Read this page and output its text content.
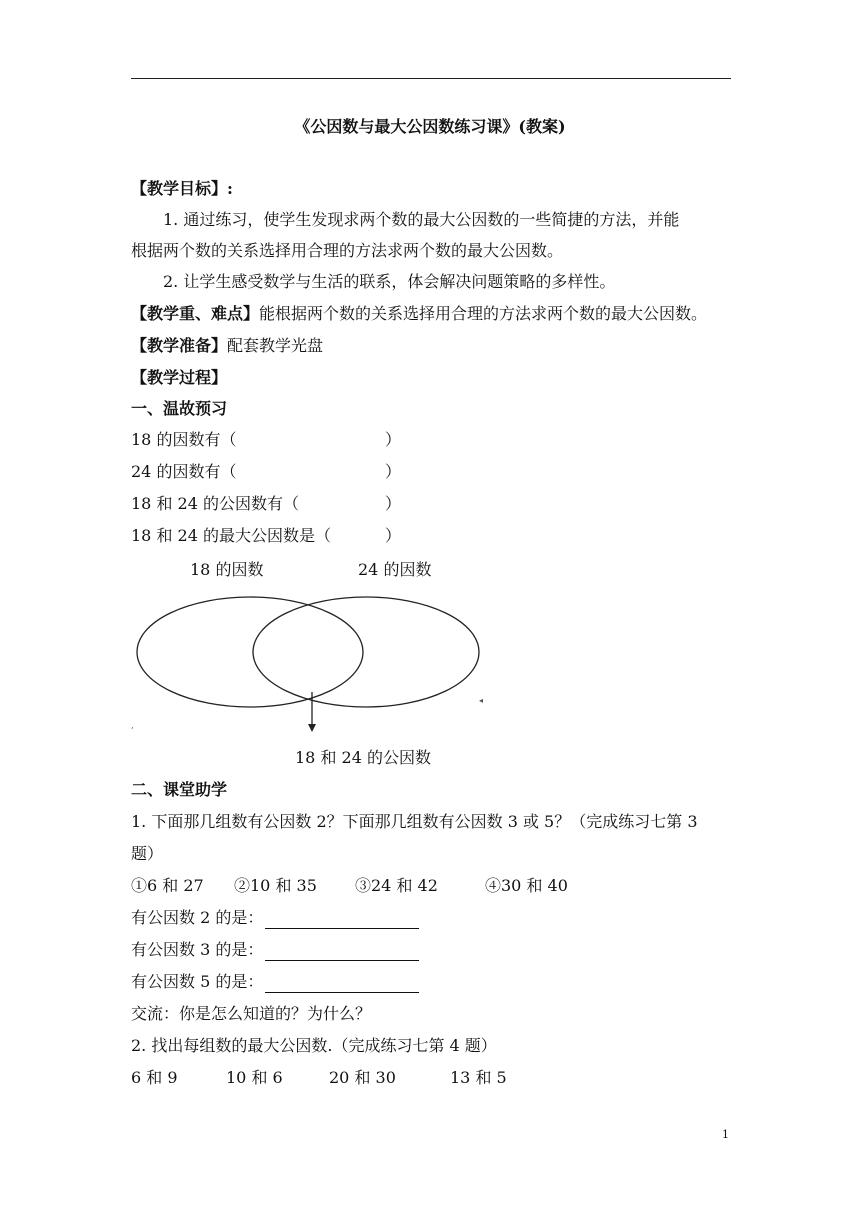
《公因数与最大公因数练习课》(教案)
【教学目标】:
1. 通过练习，使学生发现求两个数的最大公因数的一些简捷的方法，并能
根据两个数的关系选择用合理的方法求两个数的最大公因数。
2. 让学生感受数学与生活的联系，体会解决问题策略的多样性。
【教学重、难点】能根据两个数的关系选择用合理的方法求两个数的最大公因数。
【教学准备】配套教学光盘
【教学过程】
一、温故预习
18 的因数有（	）
24 的因数有（	）
18 和 24 的公因数有（	）
18 和 24 的最大公因数是（	）
18 的因数	24 的因数
’
◂
18 和 24 的公因数
二、课堂助学
1. 下面那几组数有公因数 2？下面那几组数有公因数 3 或 5？（完成练习七第 3
题）
①6 和 27 ②10 和 35 ③24 和 42	④30 和 40
有公因数 2 的是：
有公因数 3 的是：
有公因数 5 的是：
交流：你是怎么知道的？为什么？
2. 找出每组数的最大公因数.（完成练习七第 4 题）
6 和 9	10 和 6	20 和 30	13 和 5
1
